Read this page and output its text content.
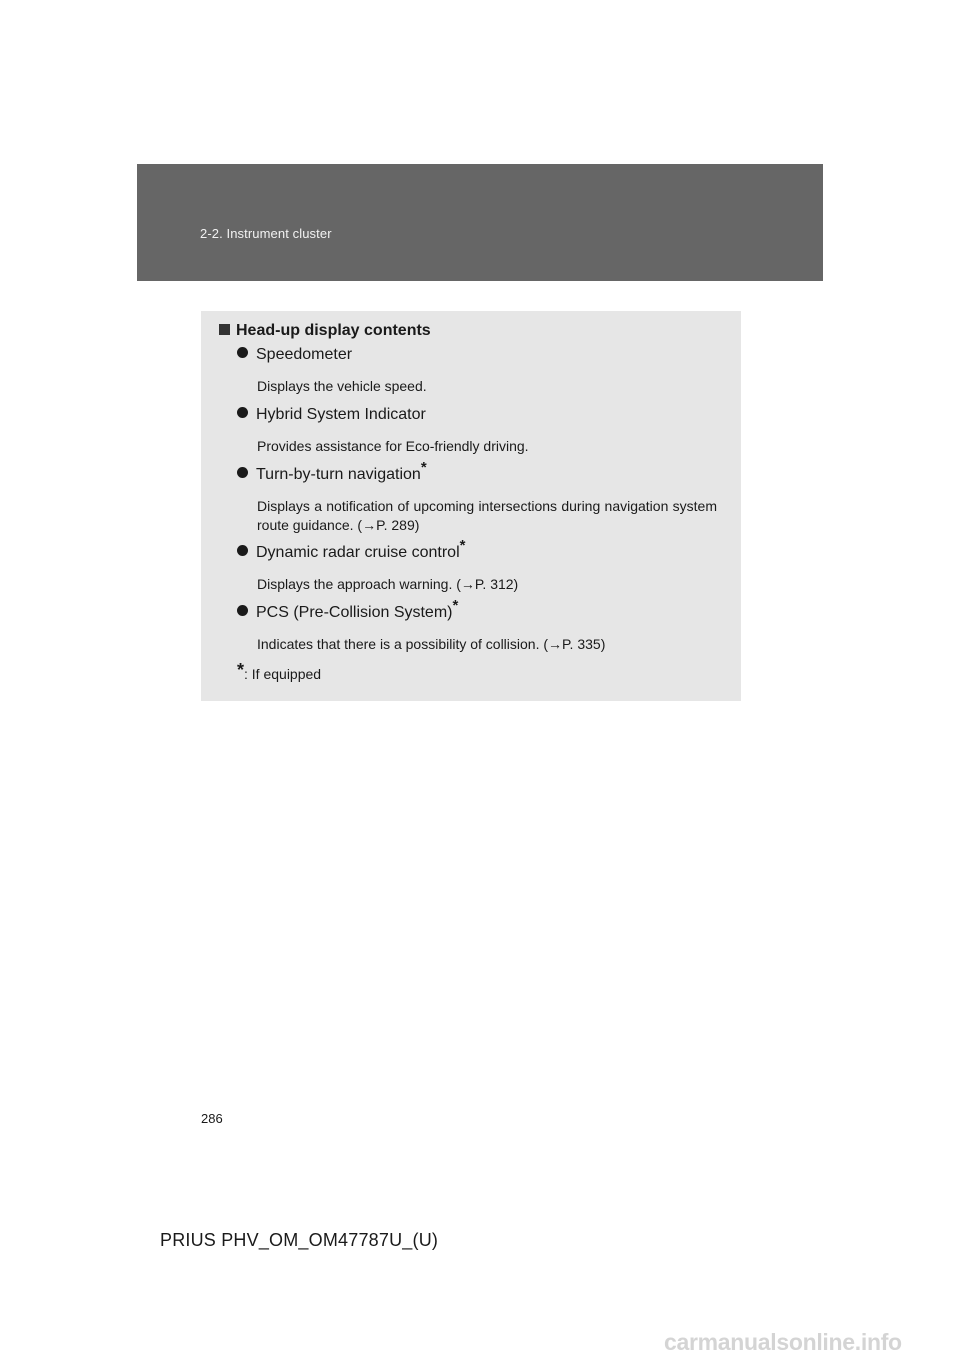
2-2. Instrument cluster
Head-up display contents
Speedometer
Displays the vehicle speed.
Hybrid System Indicator
Provides assistance for Eco-friendly driving.
Turn-by-turn navigation*
Displays a notification of upcoming intersections during navigation system route guidance. (→P. 289)
Dynamic radar cruise control*
Displays the approach warning. (→P. 312)
PCS (Pre-Collision System)*
Indicates that there is a possibility of collision. (→P. 335)
*: If equipped
286
PRIUS PHV_OM_OM47787U_(U)
carmanualsonline.info
